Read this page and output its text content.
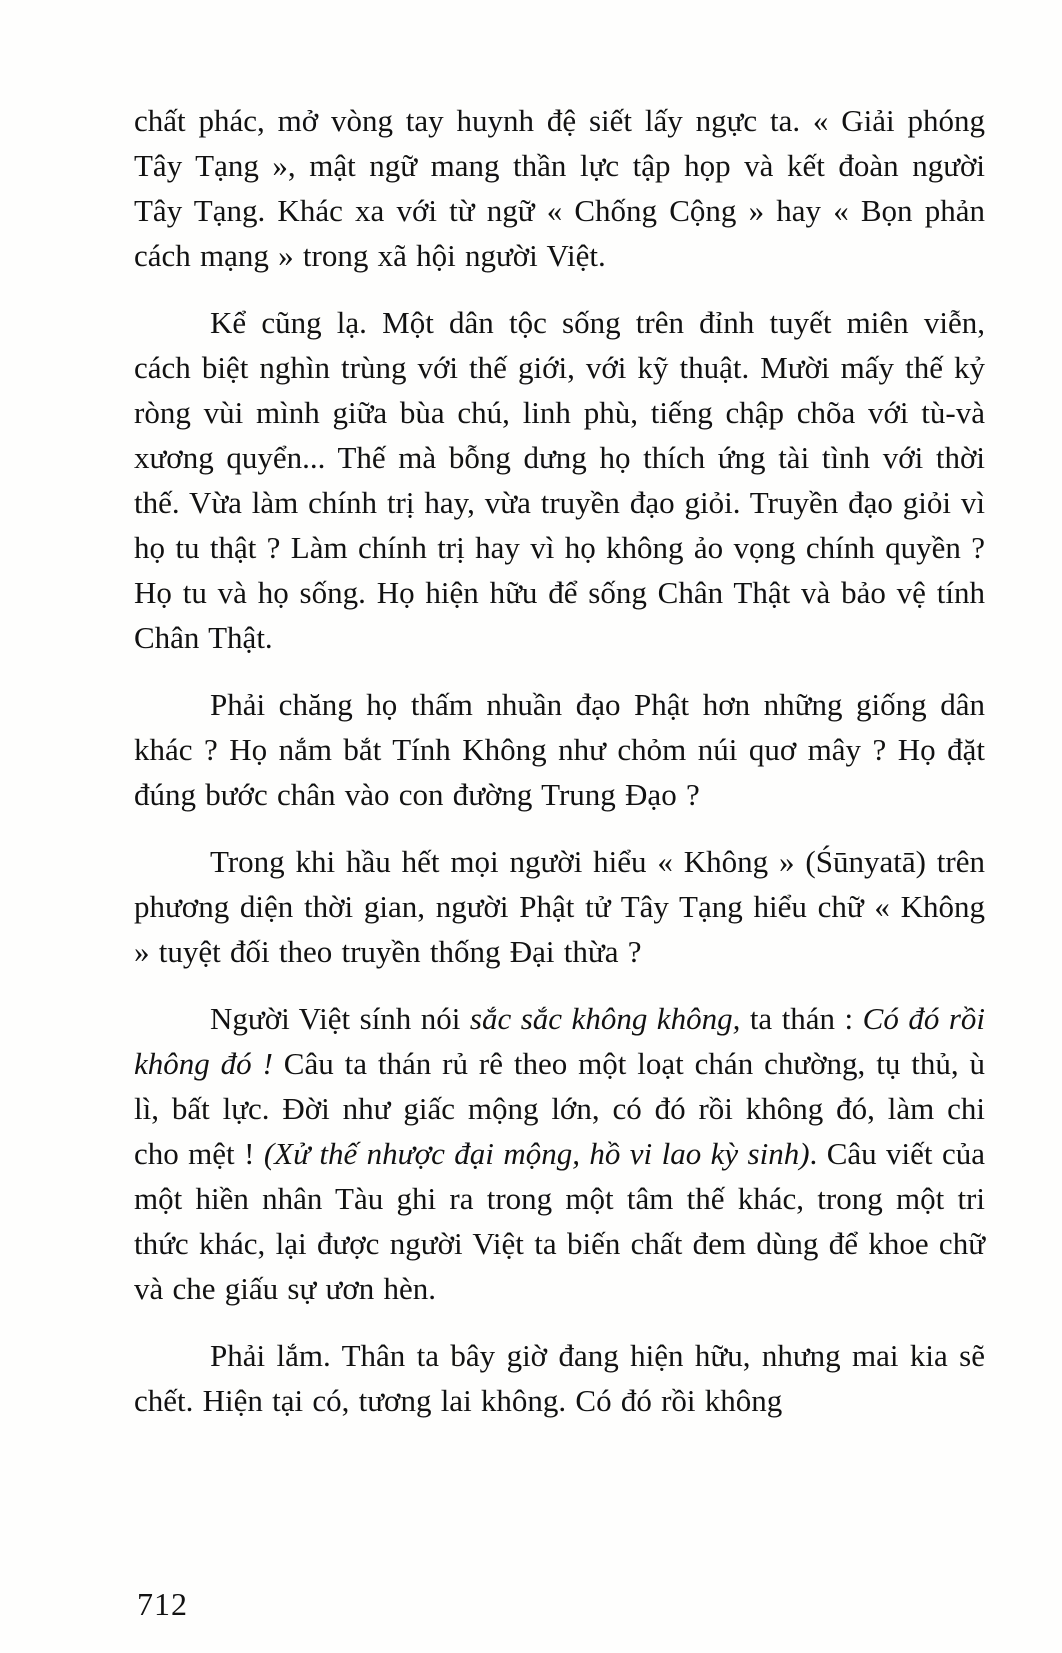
chất phác, mở vòng tay huynh đệ siết lấy ngực ta. « Giải phóng Tây Tạng », mật ngữ mang thần lực tập họp và kết đoàn người Tây Tạng. Khác xa với từ ngữ « Chống Cộng » hay « Bọn phản cách mạng » trong xã hội người Việt.

Kể cũng lạ. Một dân tộc sống trên đỉnh tuyết miên viễn, cách biệt nghìn trùng với thế giới, với kỹ thuật. Mười mấy thế kỷ ròng vùi mình giữa bùa chú, linh phù, tiếng chập chõa với tù-và xương quyển... Thế mà bỗng dưng họ thích ứng tài tình với thời thế. Vừa làm chính trị hay, vừa truyền đạo giỏi. Truyền đạo giỏi vì họ tu thật ? Làm chính trị hay vì họ không ảo vọng chính quyền ? Họ tu và họ sống. Họ hiện hữu để sống Chân Thật và bảo vệ tính Chân Thật.

Phải chăng họ thấm nhuần đạo Phật hơn những giống dân khác ? Họ nắm bắt Tính Không như chỏm núi quơ mây ? Họ đặt đúng bước chân vào con đường Trung Đạo ?

Trong khi hầu hết mọi người hiểu « Không » (Śūnyatā) trên phương diện thời gian, người Phật tử Tây Tạng hiểu chữ « Không » tuyệt đối theo truyền thống Đại thừa ?

Người Việt sính nói sắc sắc không không, ta thán : Có đó rồi không đó ! Câu ta thán rủ rê theo một loạt chán chường, tụ thủ, ù lì, bất lực. Đời như giấc mộng lớn, có đó rồi không đó, làm chi cho mệt ! (Xử thế nhược đại mộng, hồ vi lao kỳ sinh). Câu viết của một hiền nhân Tàu ghi ra trong một tâm thế khác, trong một tri thức khác, lại được người Việt ta biến chất đem dùng để khoe chữ và che giấu sự ươn hèn.

Phải lắm. Thân ta bây giờ đang hiện hữu, nhưng mai kia sẽ chết. Hiện tại có, tương lai không. Có đó rồi không

712
